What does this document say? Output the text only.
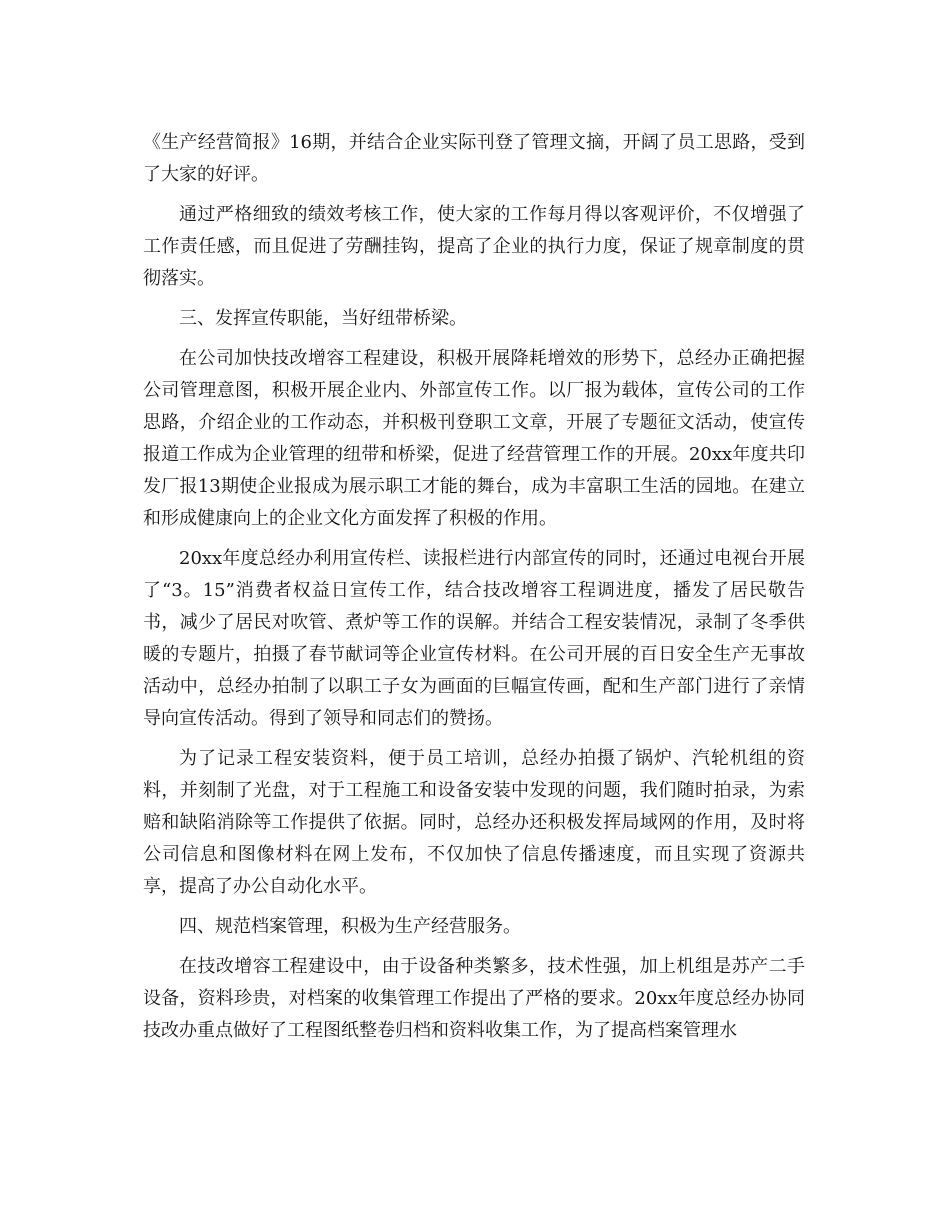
《生产经营简报》16期，并结合企业实际刊登了管理文摘，开阔了员工思路，受到了大家的好评。

通过严格细致的绩效考核工作，使大家的工作每月得以客观评价，不仅增强了工作责任感，而且促进了劳酬挂钩，提高了企业的执行力度，保证了规章制度的贯彻落实。

三、发挥宣传职能，当好纽带桥梁。

在公司加快技改增容工程建设，积极开展降耗增效的形势下，总经办正确把握公司管理意图，积极开展企业内、外部宣传工作。以厂报为载体，宣传公司的工作思路，介绍企业的工作动态，并积极刊登职工文章，开展了专题征文活动，使宣传报道工作成为企业管理的纽带和桥梁，促进了经营管理工作的开展。20xx年度共印发厂报13期使企业报成为展示职工才能的舞台，成为丰富职工生活的园地。在建立和形成健康向上的企业文化方面发挥了积极的作用。

20xx年度总经办利用宣传栏、读报栏进行内部宣传的同时，还通过电视台开展了“3。15”消费者权益日宣传工作，结合技改增容工程调进度，播发了居民敬告书，减少了居民对吹管、煮炉等工作的误解。并结合工程安装情况，录制了冬季供暖的专题片，拍摄了春节献词等企业宣传材料。在公司开展的百日安全生产无事故活动中，总经办拍制了以职工子女为画面的巨幅宣传画，配和生产部门进行了亲情导向宣传活动。得到了领导和同志们的赞扬。

为了记录工程安装资料，便于员工培训，总经办拍摄了锅炉、汽轮机组的资料，并刻制了光盘，对于工程施工和设备安装中发现的问题，我们随时拍录，为索赔和缺陷消除等工作提供了依据。同时，总经办还积极发挥局域网的作用，及时将公司信息和图像材料在网上发布，不仅加快了信息传播速度，而且实现了资源共享，提高了办公自动化水平。

四、规范档案管理，积极为生产经营服务。

在技改增容工程建设中，由于设备种类繁多，技术性强，加上机组是苏产二手设备，资料珍贵，对档案的收集管理工作提出了严格的要求。20xx年度总经办协同技改办重点做好了工程图纸整卷归档和资料收集工作，为了提高档案管理水
